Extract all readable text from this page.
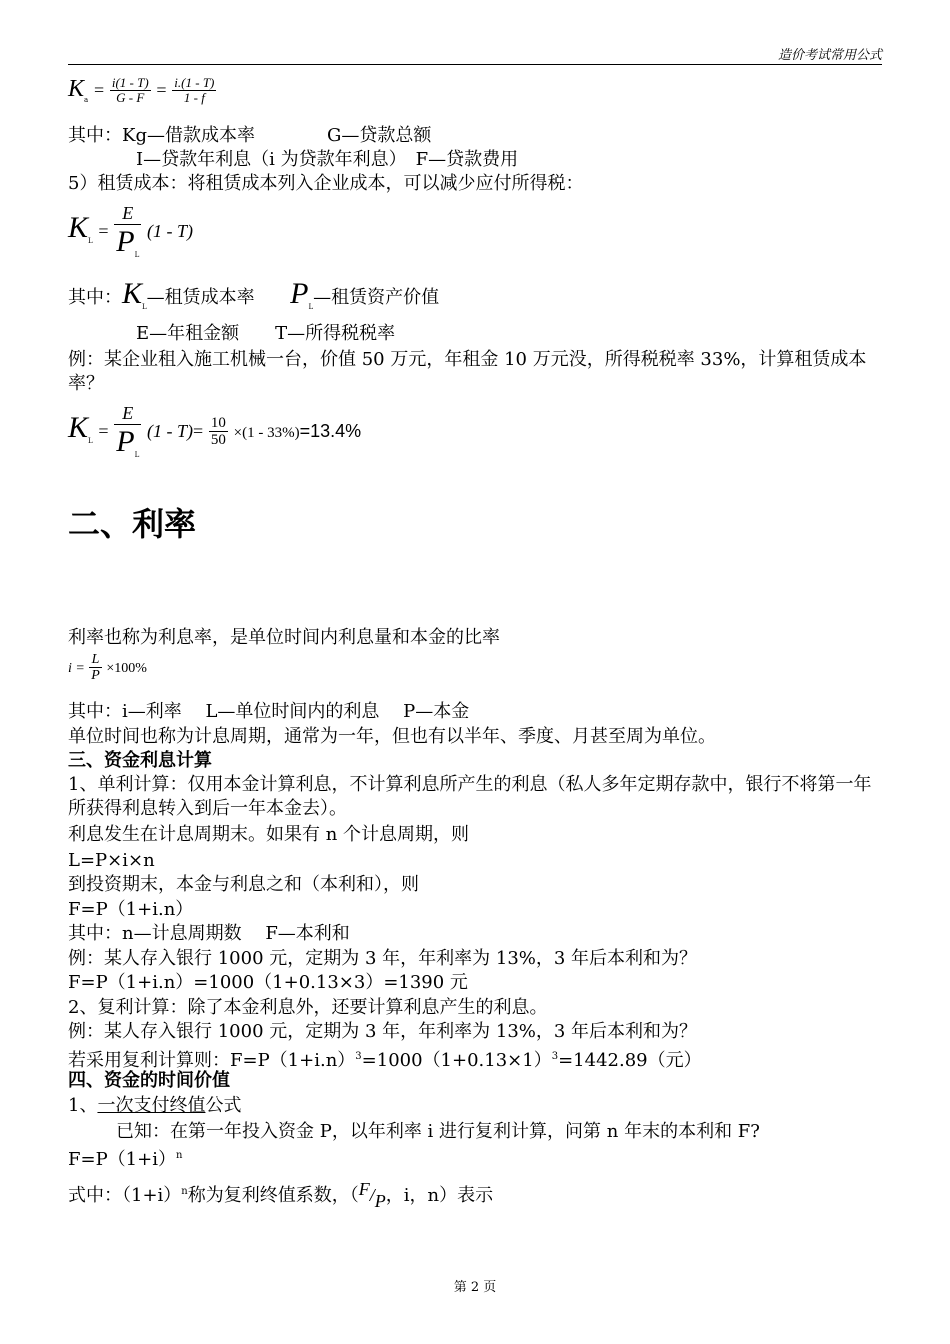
造价考试常用公式
$K_a = \frac{i(1 - T)}{G - F} = \frac{i.(1 - T)}{1 - f}$
其中：Kg—借款成本率　　　　G—贷款总额
I—贷款年利息（i 为贷款年利息）　F—贷款费用
5）租赁成本：将租赁成本列入企业成本，可以减少应付所得税：
$K_L = \frac{E}{P_L} (1 - T)$
其中：$K_L—$租赁成本率 $P_L—$租赁资产价值
E—年租金额　　T—所得税税率
例：某企业租入施工机械一台，价值 50 万元，年租金 10 万元没，所得税税率 33%，计算租赁成本率？
$K_L = \frac{E}{P_L} (1 - T)= \frac{10}{50} \times(1 - 33\%)=13.4\%$
二、利率
利率也称为利息率，是单位时间内利息量和本金的比率
$i = \frac{L}{P} \times 100\%$
其中：i—利率　 L—单位时间内的利息　 P—本金
单位时间也称为计息周期，通常为一年，但也有以半年、季度、月甚至周为单位。
三、资金利息计算
1、单利计算：仅用本金计算利息，不计算利息所产生的利息（私人多年定期存款中，银行不将第一年所获得利息转入到后一年本金去）。
利息发生在计息周期末。如果有 n 个计息周期，则
L=P×i×n
到投资期末，本金与利息之和（本利和），则
F=P（1+i.n）
其中：n—计息周期数　 F—本利和
例：某人存入银行 1000 元，定期为 3 年，年利率为 13%，3 年后本利和为？
F=P（1+i.n）=1000（1+0.13×3）=1390 元
2、复利计算：除了本金利息外，还要计算利息产生的利息。
例：某人存入银行 1000 元，定期为 3 年，年利率为 13%，3 年后本利和为？
若采用复利计算则：$F=P(1+i.n)^3=1000(1+0.13\times 1)^3=1442.89$（元）
四、资金的时间价值
1、一次支付终值公式
已知：在第一年投入资金 P，以年利率 i 进行复利计算，问第 n 年末的本利和 F?
$F=P(1+i)^n$
式中：$(1+i)^n$称为复利终值系数，（F/P，i，n）表示
第 2 页
